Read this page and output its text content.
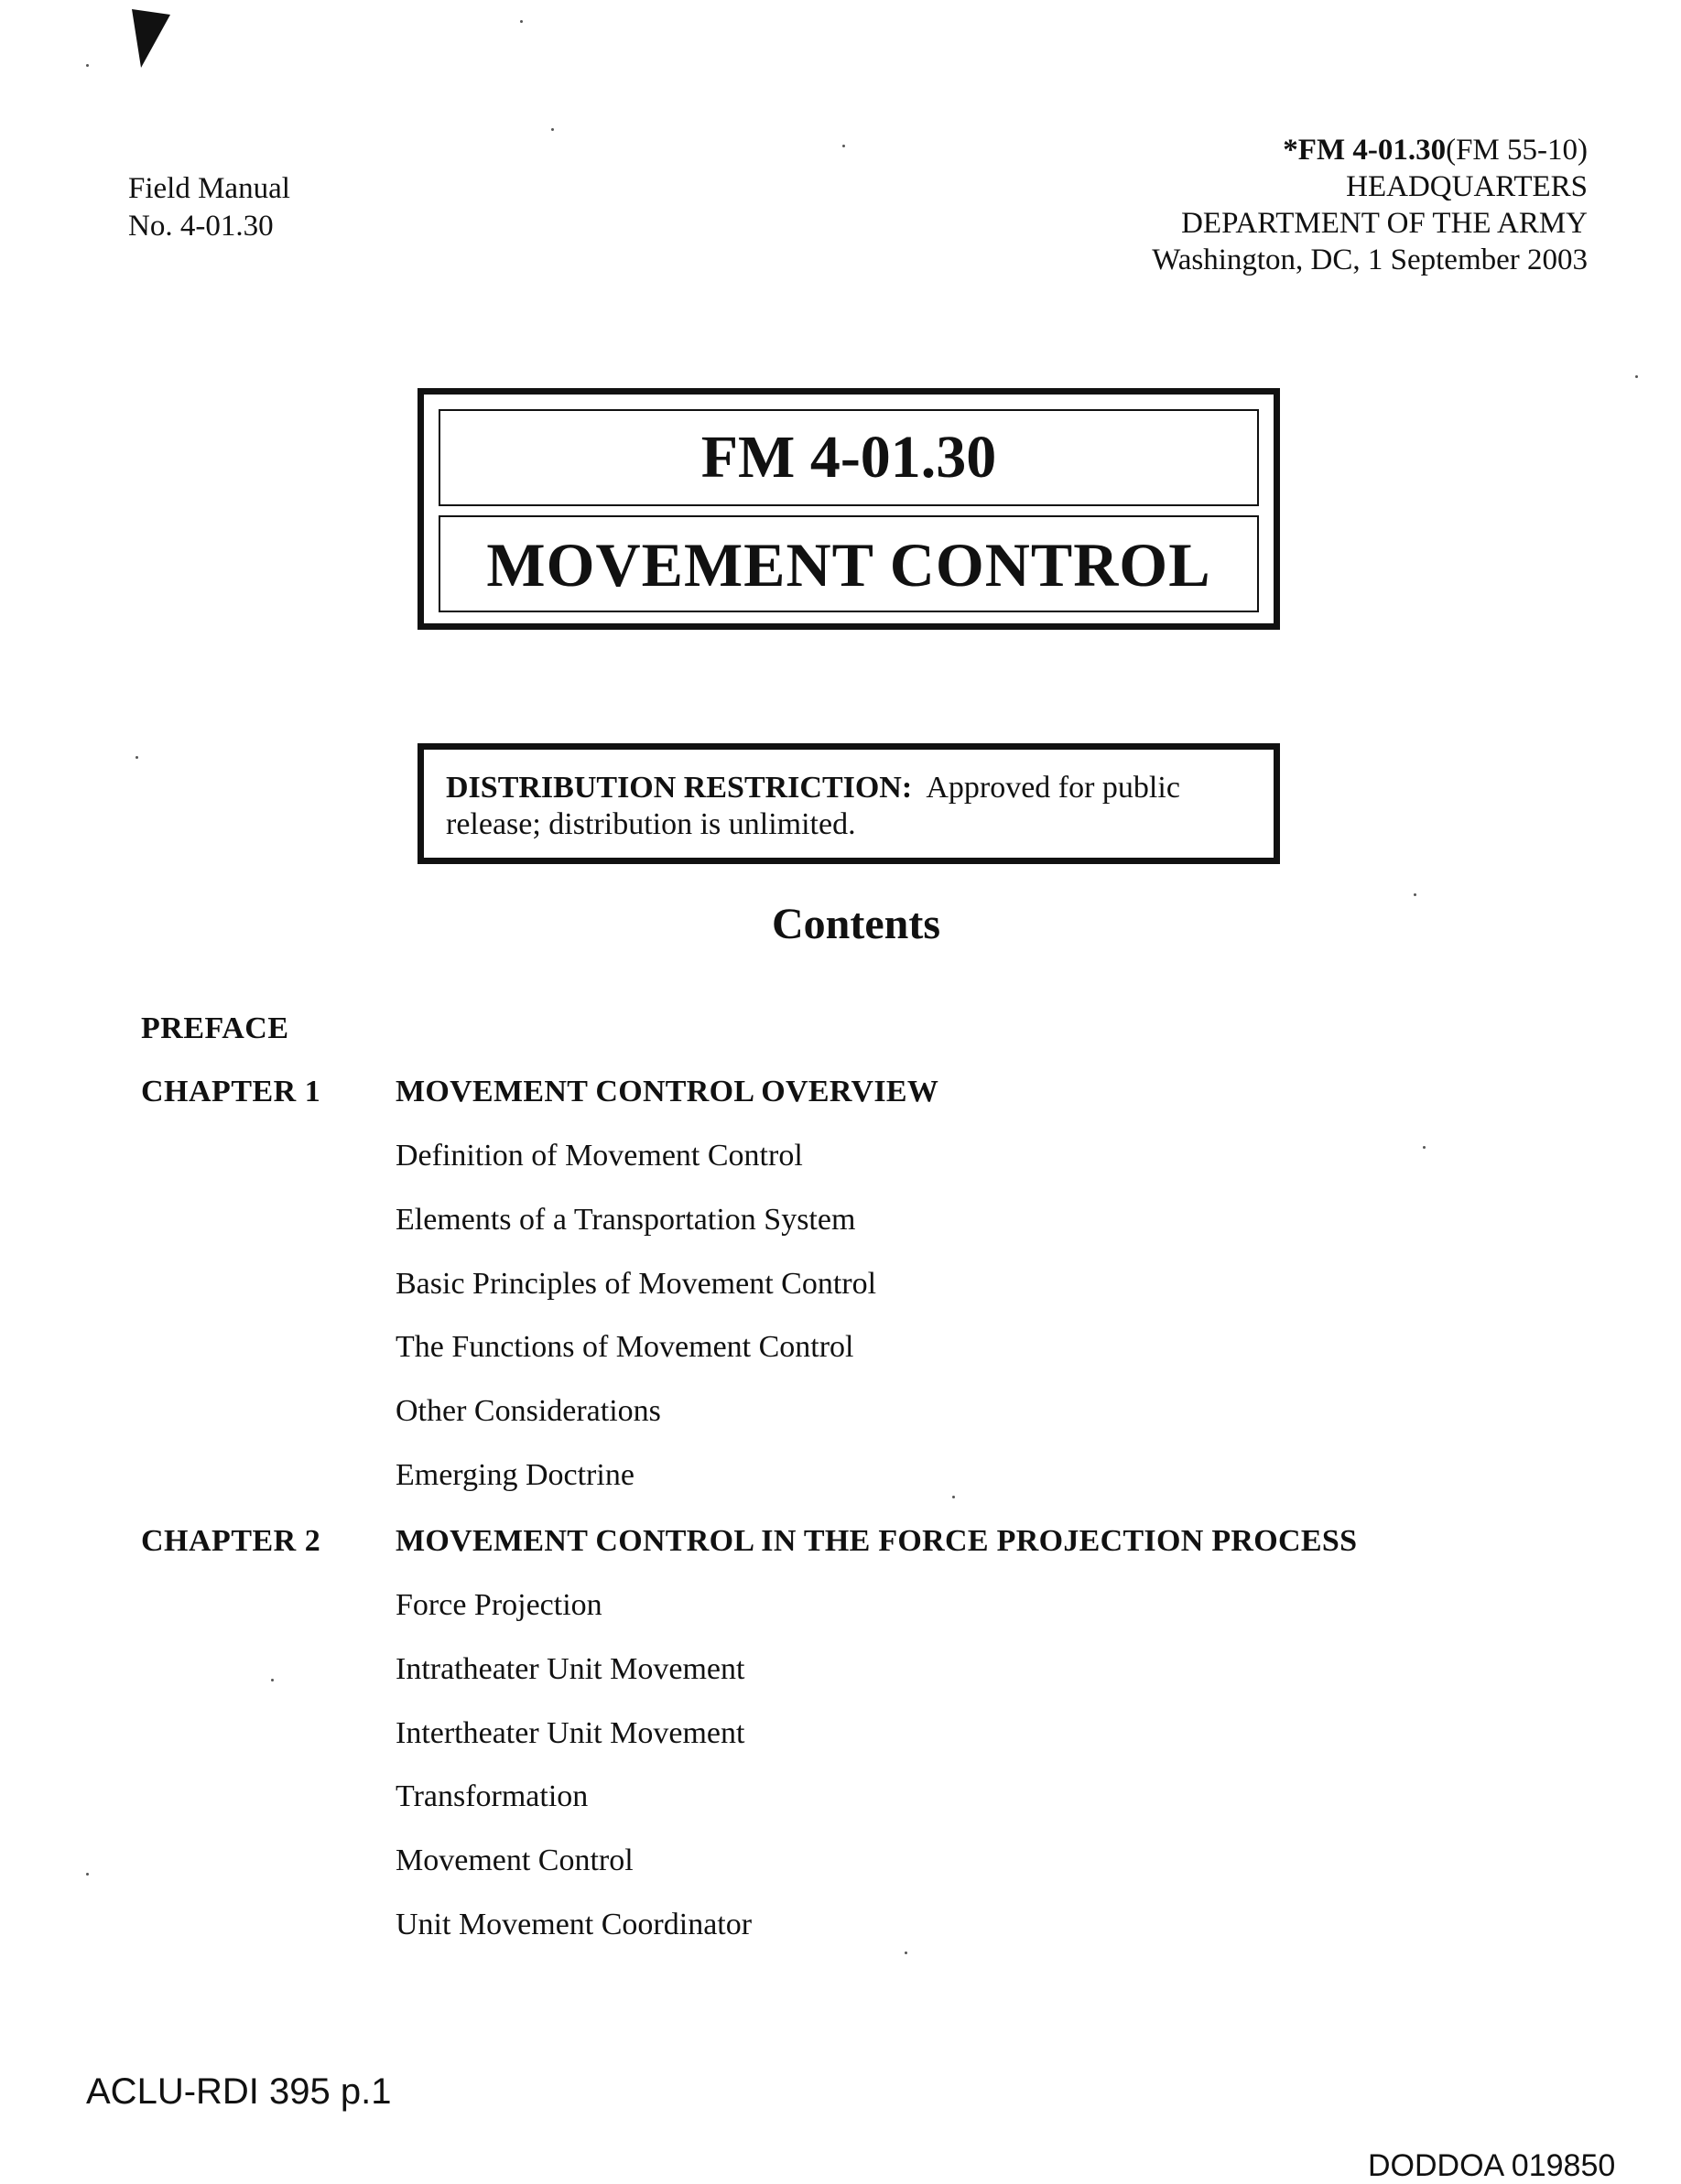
Field Manual
No. 4-01.30
*FM 4-01.30(FM 55-10)
HEADQUARTERS
DEPARTMENT OF THE ARMY
Washington, DC, 1 September 2003
FM 4-01.30
MOVEMENT CONTROL
DISTRIBUTION RESTRICTION: Approved for public release; distribution is unlimited.
Contents
PREFACE
CHAPTER 1 MOVEMENT CONTROL OVERVIEW
Definition of Movement Control
Elements of a Transportation System
Basic Principles of Movement Control
The Functions of Movement Control
Other Considerations
Emerging Doctrine
CHAPTER 2 MOVEMENT CONTROL IN THE FORCE PROJECTION PROCESS
Force Projection
Intratheater Unit Movement
Intertheater Unit Movement
Transformation
Movement Control
Unit Movement Coordinator
ACLU-RDI 395 p.1
DODDOA 019850
